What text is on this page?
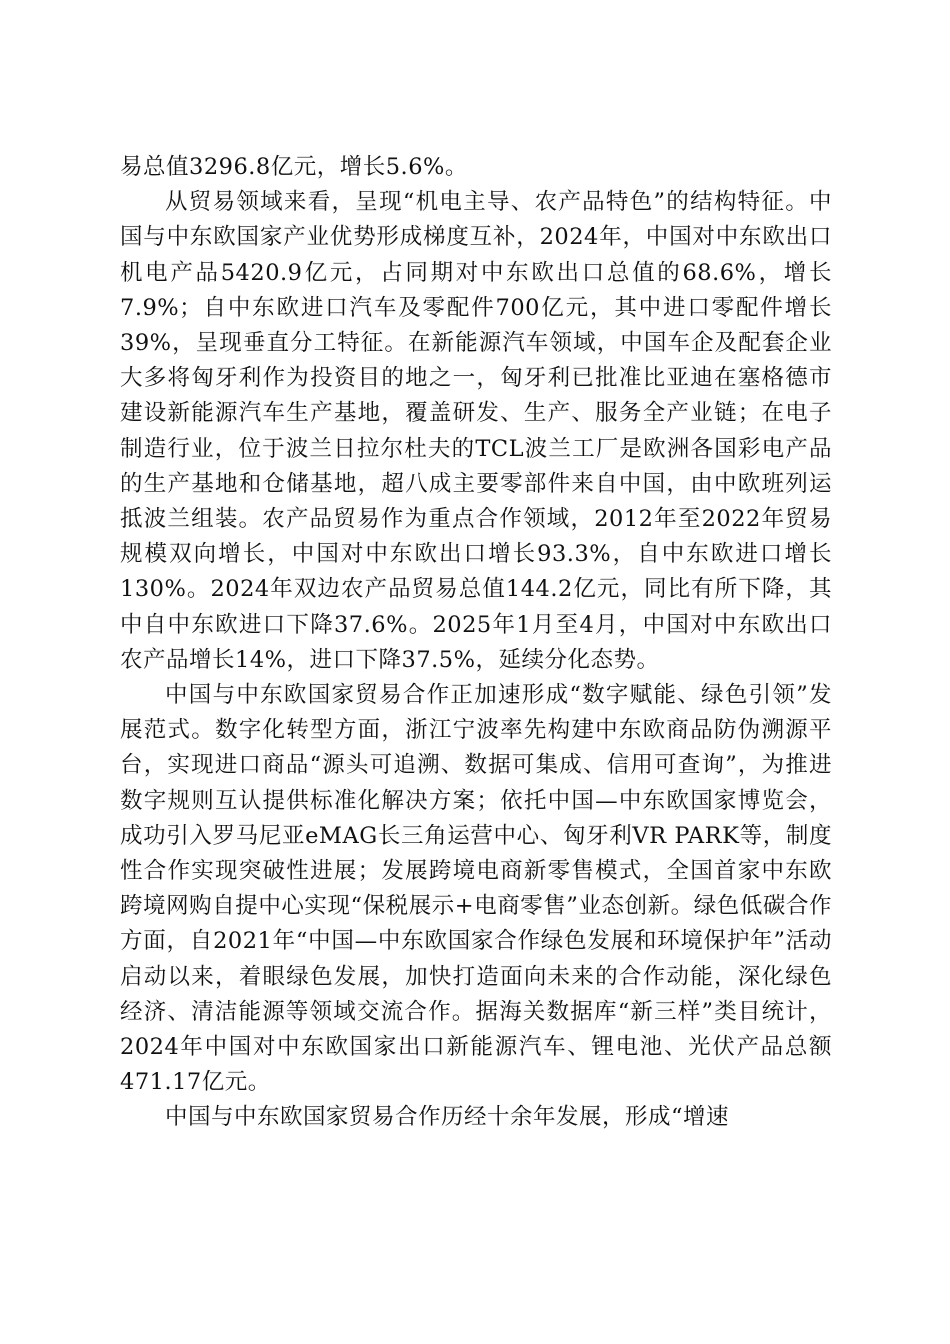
易总值3296.8亿元，增长5.6%。

从贸易领域来看，呈现“机电主导、农产品特色”的结构特征。中国与中东欧国家产业优势形成梯度互补，2024年，中国对中东欧出口机电产品5420.9亿元，占同期对中东欧出口总值的68.6%，增长7.9%；自中东欧进口汽车及零配件700亿元，其中进口零配件增长39%，呈现垂直分工特征。在新能源汽车领域，中国车企及配套企业大多将匈牙利作为投资目的地之一，匈牙利已批准比亚迪在塞格德市建设新能源汽车生产基地，覆盖研发、生产、服务全产业链；在电子制造行业，位于波兰日拉尔杜夫的TCL波兰工厂是欧洲各国彩电产品的生产基地和仓储基地，超八成主要零部件来自中国，由中欧班列运抵波兰组装。农产品贸易作为重点合作领域，2012年至2022年贸易规模双向增长，中国对中东欧出口增长93.3%，自中东欧进口增长130%。2024年双边农产品贸易总值144.2亿元，同比有所下降，其中自中东欧进口下降37.6%。2025年1月至4月，中国对中东欧出口农产品增长14%，进口下降37.5%，延续分化态势。

中国与中东欧国家贸易合作正加速形成“数字赋能、绿色引领”发展范式。数字化转型方面，浙江宁波率先构建中东欧商品防伪溯源平台，实现进口商品“源头可追溯、数据可集成、信用可查询”，为推进数字规则互认提供标准化解决方案；依托中国—中东欧国家博览会，成功引入罗马尼亚eMAG长三角运营中心、匈牙利VR PARK等，制度性合作实现突破性进展；发展跨境电商新零售模式，全国首家中东欧跨境网购自提中心实现“保税展示+电商零售”业态创新。绿色低碳合作方面，自2021年“中国—中东欧国家合作绿色发展和环境保护年”活动启动以来，着眼绿色发展，加快打造面向未来的合作动能，深化绿色经济、清洁能源等领域交流合作。据海关数据库“新三样”类目统计，2024年中国对中东欧国家出口新能源汽车、锂电池、光伏产品总额471.17亿元。

中国与中东欧国家贸易合作历经十余年发展，形成“增速
